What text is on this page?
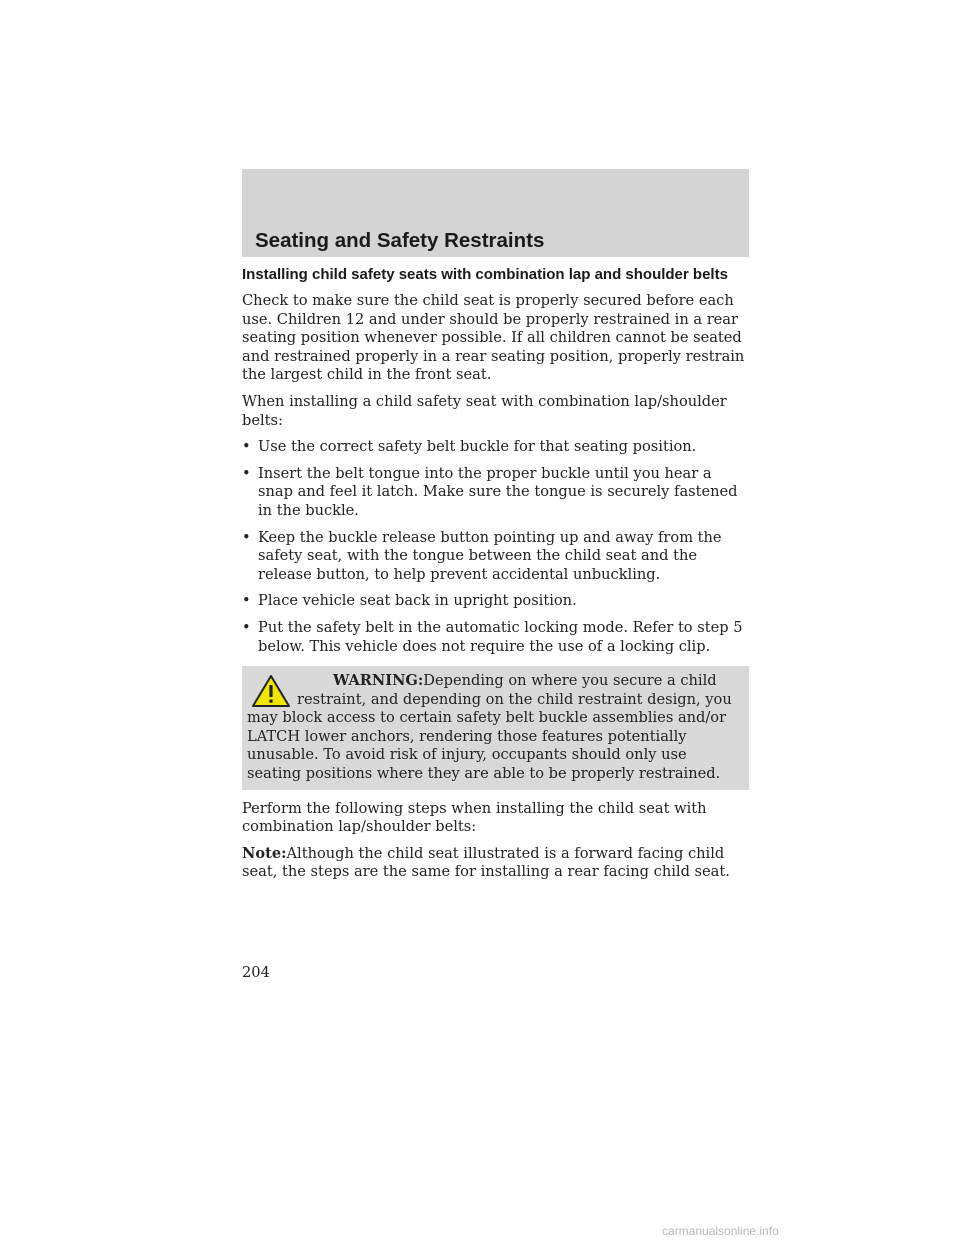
Seating and Safety Restraints
Installing child safety seats with combination lap and shoulder belts

Check to make sure the child seat is properly secured before each use. Children 12 and under should be properly restrained in a rear seating position whenever possible. If all children cannot be seated and restrained properly in a rear seating position, properly restrain the largest child in the front seat.

When installing a child safety seat with combination lap/shoulder belts:

• Use the correct safety belt buckle for that seating position.
• Insert the belt tongue into the proper buckle until you hear a snap and feel it latch. Make sure the tongue is securely fastened in the buckle.
• Keep the buckle release button pointing up and away from the safety seat, with the tongue between the child seat and the release button, to help prevent accidental unbuckling.
• Place vehicle seat back in upright position.
• Put the safety belt in the automatic locking mode. Refer to step 5 below. This vehicle does not require the use of a locking clip.

WARNING:Depending on where you secure a child restraint, and depending on the child restraint design, you may block access to certain safety belt buckle assemblies and/or LATCH lower anchors, rendering those features potentially unusable. To avoid risk of injury, occupants should only use seating positions where they are able to be properly restrained.

Perform the following steps when installing the child seat with combination lap/shoulder belts:

Note:Although the child seat illustrated is a forward facing child seat, the steps are the same for installing a rear facing child seat.

204

carmanualsonline.info
